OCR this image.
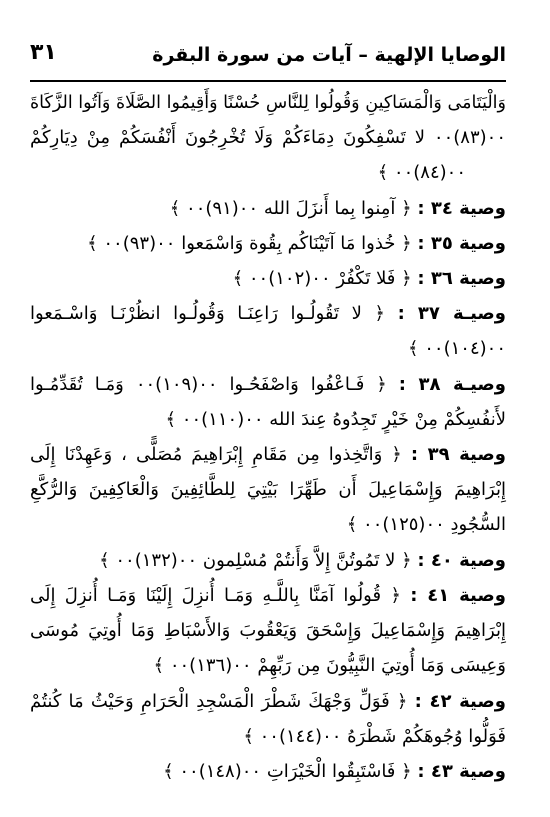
الوصايا الإلهية – آيات من سورة البقرة
٣١
وَالْيَتَامَى وَالْمَسَاكِينِ وَقُولُوا لِلنَّاسِ حُسْنًا وَأَقِيمُوا الصَّلَاةَ وَآتُوا الزَّكَاةَ
٠٠(٨٣)٠٠ لا تَسْفِكُونَ دِمَاءَكُمْ وَلَا تُخْرِجُونَ أَنْفُسَكُمْ مِنْ دِيَارِكُمْ
٠٠(٨٤)٠٠ ﴾
وصية ٣٤ : ﴿ آمِنوا بِما أَنزَلَ الله ٠٠(٩١)٠٠ ﴾
وصية ٣٥ : ﴿ خُذوا مَا آتَيْنَاكُم بِقُوة وَاسْمَعوا ٠٠(٩٣)٠٠ ﴾
وصية ٣٦ : ﴿ فَلا تَكْفُرْ ٠٠(١٠٢)٠٠ ﴾
وصيـة ٣٧ : ﴿ لا تَقُولُـوا رَاعِنَـا وَقُولُـوا انظُرْنَـا وَاسْـمَعوا
٠٠(١٠٤)٠٠ ﴾
وصيـة ٣٨ : ﴿ فَـاعْفُوا وَاصْفَحُـوا ٠٠(١٠٩)٠٠ وَمَـا تُقَدِّمُـوا
لأَنفُسِكُمْ مِنْ خَيْرٍ تَجِدُوهُ عِندَ الله ٠٠(١١٠)٠٠ ﴾
وصية ٣٩ : ﴿ وَاتَّخِذوا مِن مَقَامِ إِبْرَاهِيمَ مُصَلًّى ، وَعَهِدْنَا إِلَى
إِبْرَاهِيمَ وَإِسْمَاعِيلَ أَن طَهِّرَا بَيْتِيَ لِلطَّائِفِينَ وَالْعَاكِفِينَ وَالرُّكَّعِ
السُّجُودِ ٠٠(١٢٥)٠٠ ﴾
وصية ٤٠ : ﴿ لا تَمُوتُنَّ إِلاَّ وَأَنتُمْ مُسْلِمون ٠٠(١٣٢)٠٠ ﴾
وصية ٤١ : ﴿ قُولُوا آمَنَّا بِاللَّـهِ وَمَـا أُنزِلَ إِلَيْنَا وَمَـا أُنزِلَ إِلَى
إِبْرَاهِيمَ وَإِسْمَاعِيلَ وَإِسْحَقَ وَيَعْقُوبَ وَالأَسْبَاطِ وَمَا أُوتِيَ مُوسَى
وَعِيسَى وَمَا أُوتِيَ النَّبِيُّونَ مِن رَبِّهِمْ ٠٠(١٣٦)٠٠ ﴾
وصية ٤٢ : ﴿ فَوَلِّ وَجْهَكَ شَطْرَ الْمَسْجِدِ الْحَرَامِ وَحَيْثُ مَا كُنتُمْ
فَوَلُّوا وُجُوهَكُمْ شَطْرَهُ ٠٠(١٤٤)٠٠ ﴾
وصية ٤٣ : ﴿ فَاسْتَبِقُوا الْخَيْرَاتِ ٠٠(١٤٨)٠٠ ﴾
